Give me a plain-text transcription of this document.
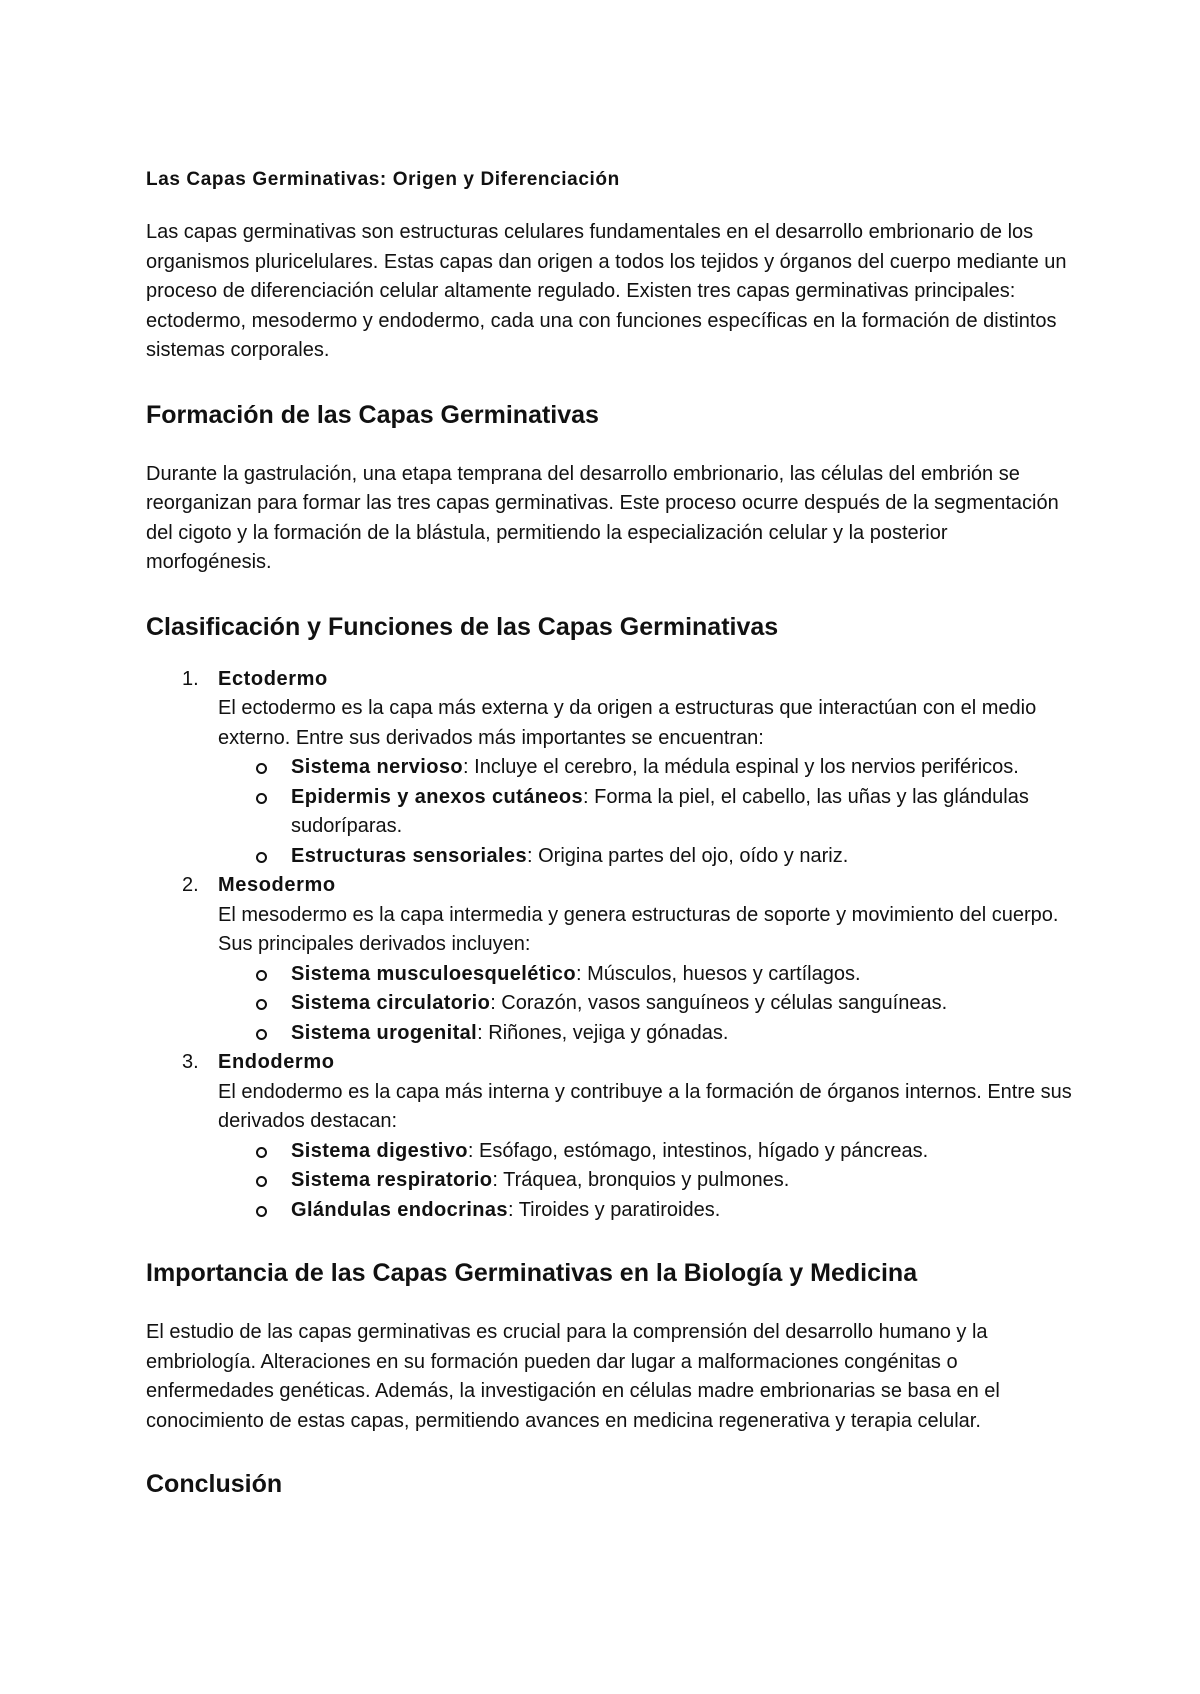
Las Capas Germinativas: Origen y Diferenciación

Las capas germinativas son estructuras celulares fundamentales en el desarrollo embrionario de los organismos pluricelulares. Estas capas dan origen a todos los tejidos y órganos del cuerpo mediante un proceso de diferenciación celular altamente regulado. Existen tres capas germinativas principales: ectodermo, mesodermo y endodermo, cada una con funciones específicas en la formación de distintos sistemas corporales.

Formación de las Capas Germinativas

Durante la gastrulación, una etapa temprana del desarrollo embrionario, las células del embrión se reorganizan para formar las tres capas germinativas. Este proceso ocurre después de la segmentación del cigoto y la formación de la blástula, permitiendo la especialización celular y la posterior morfogénesis.

Clasificación y Funciones de las Capas Germinativas
1. Ectodermo
El ectodermo es la capa más externa y da origen a estructuras que interactúan con el medio externo. Entre sus derivados más importantes se encuentran:
Sistema nervioso: Incluye el cerebro, la médula espinal y los nervios periféricos.
Epidermis y anexos cutáneos: Forma la piel, el cabello, las uñas y las glándulas sudoríparas.
Estructuras sensoriales: Origina partes del ojo, oído y nariz.
2. Mesodermo
El mesodermo es la capa intermedia y genera estructuras de soporte y movimiento del cuerpo. Sus principales derivados incluyen:
Sistema musculoesquelético: Músculos, huesos y cartílagos.
Sistema circulatorio: Corazón, vasos sanguíneos y células sanguíneas.
Sistema urogenital: Riñones, vejiga y gónadas.
3. Endodermo
El endodermo es la capa más interna y contribuye a la formación de órganos internos. Entre sus derivados destacan:
Sistema digestivo: Esófago, estómago, intestinos, hígado y páncreas.
Sistema respiratorio: Tráquea, bronquios y pulmones.
Glándulas endocrinas: Tiroides y paratiroides.
Importancia de las Capas Germinativas en la Biología y Medicina

El estudio de las capas germinativas es crucial para la comprensión del desarrollo humano y la embriología. Alteraciones en su formación pueden dar lugar a malformaciones congénitas o enfermedades genéticas. Además, la investigación en células madre embrionarias se basa en el conocimiento de estas capas, permitiendo avances en medicina regenerativa y terapia celular.

Conclusión
